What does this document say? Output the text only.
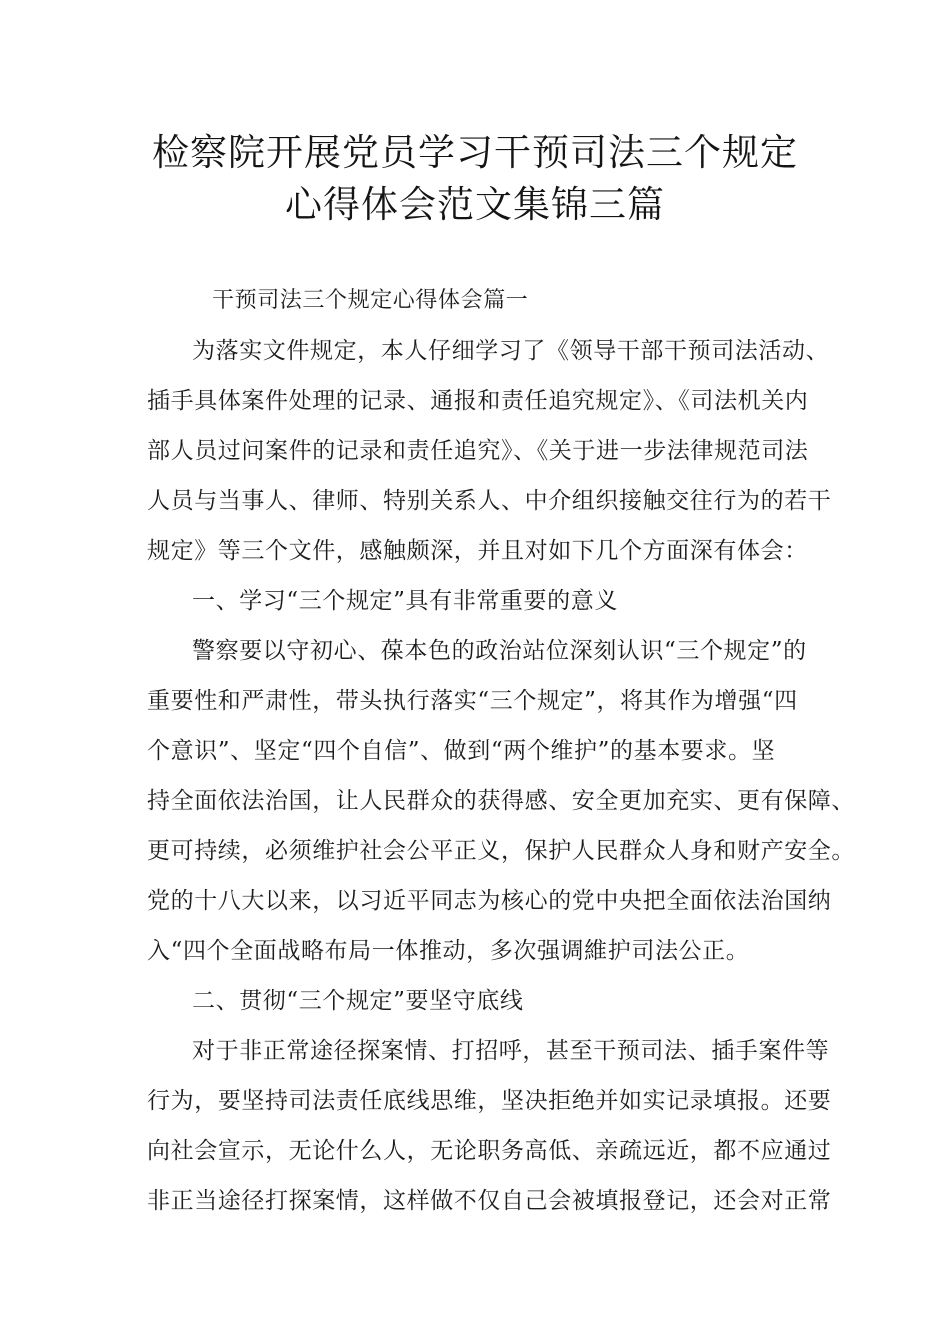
检察院开展党员学习干预司法三个规定
心得体会范文集锦三篇
干预司法三个规定心得体会篇一
为落实文件规定，本人仔细学习了《领导干部干预司法活动、
插手具体案件处理的记录、通报和责任追究规定》、《司法机关内
部人员过问案件的记录和责任追究》、《关于进一步法律规范司法
人员与当事人、律师、特别关系人、中介组织接触交往行为的若干
规定》等三个文件，感触颇深，并且对如下几个方面深有体会：
一、学习“三个规定”具有非常重要的意义
警察要以守初心、葆本色的政治站位深刻认识“三个规定”的
重要性和严肃性，带头执行落实“三个规定”，将其作为增强“四
个意识”、坚定“四个自信”、做到“两个维护”的基本要求。坚
持全面依法治国，让人民群众的获得感、安全更加充实、更有保障、
更可持续，必须维护社会公平正义，保护人民群众人身和财产安全。
党的十八大以来，以习近平同志为核心的党中央把全面依法治国纳
入“四个全面战略布局一体推动，多次强调維护司法公正。
二、贯彻“三个规定”要坚守底线
对于非正常途径探案情、打招呼，甚至干预司法、插手案件等
行为，要坚持司法责任底线思维，坚决拒绝并如实记录填报。还要
向社会宣示，无论什么人，无论职务高低、亲疏远近，都不应通过
非正当途径打探案情，这样做不仅自己会被填报登记，还会对正常
